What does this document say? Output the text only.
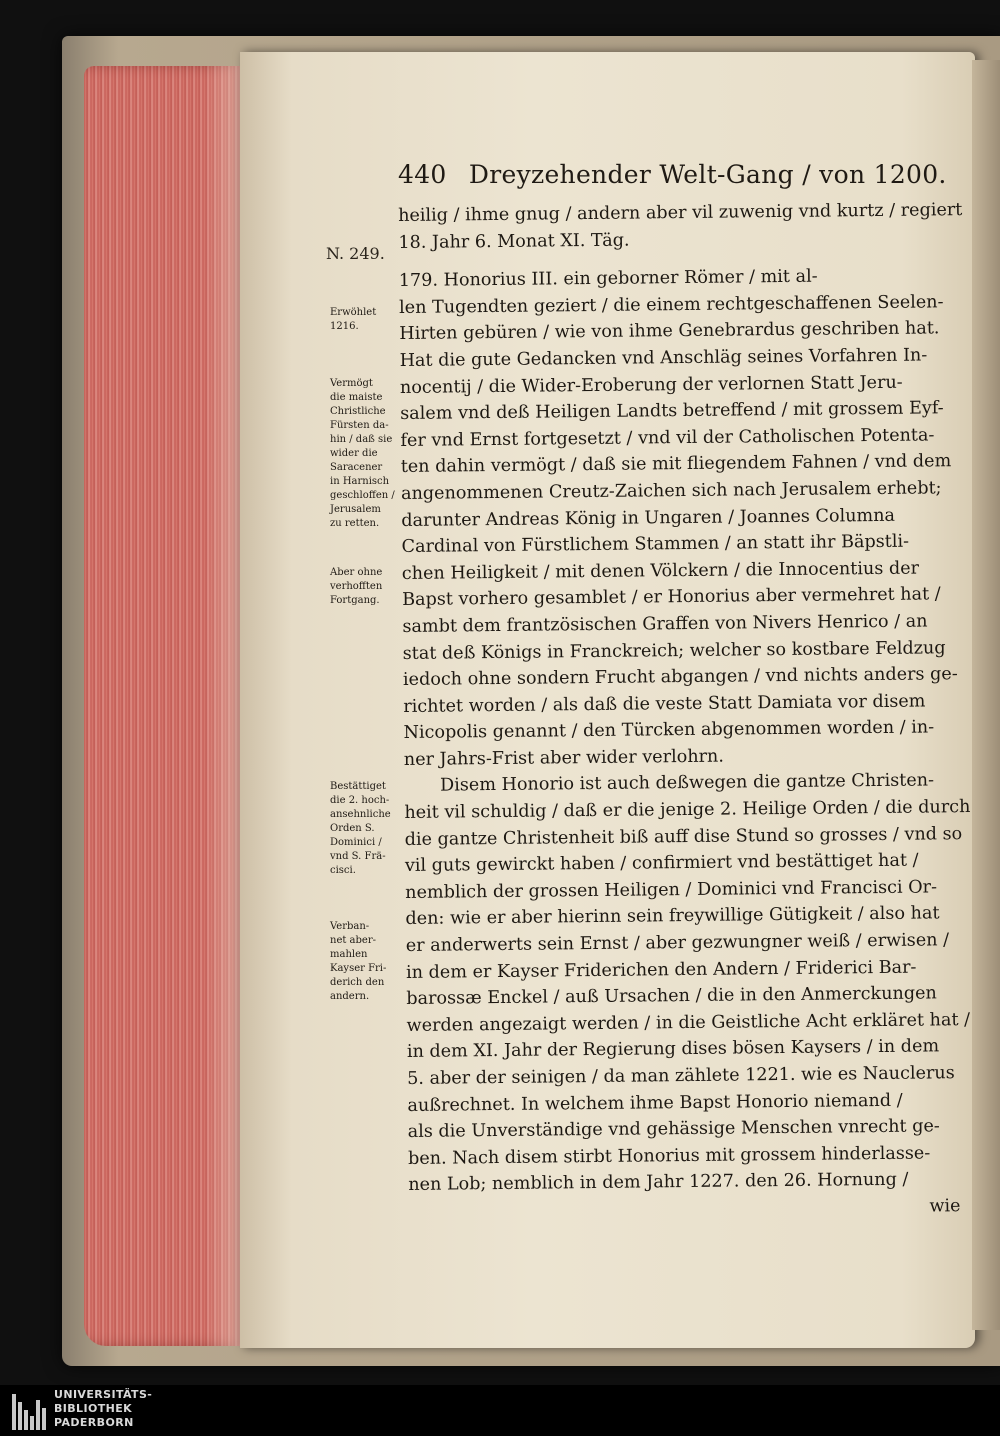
440 Dreyzehender Welt-Gang / von 1200.
N. 249.
Erwöhlet
1216.
Vermögt
die maiste
Christliche
Fürsten da-
hin / daß sie
wider die
Saracener
in Harnisch
geschloffen /
Jerusalem
zu retten.
Aber ohne
verhofften
Fortgang.
Bestättiget
die 2. hoch-
ansehnliche
Orden S.
Dominici /
vnd S. Frä-
cisci.
Verban-
net aber-
mahlen
Kayser Fri-
derich den
andern.
heilig / ihme gnug / andern aber vil zuwenig vnd kurtz / regiert
18. Jahr 6. Monat XI. Täg.
179. Honorius III. ein geborner Römer / mit al-
len Tugendten geziert / die einem rechtgeschaffenen Seelen-
Hirten gebüren / wie von ihme Genebrardus geschriben hat.
Hat die gute Gedancken vnd Anschläg seines Vorfahren In-
nocentij / die Wider-Eroberung der verlornen Statt Jeru-
salem vnd deß Heiligen Landts betreffend / mit grossem Eyf-
fer vnd Ernst fortgesetzt / vnd vil der Catholischen Potenta-
ten dahin vermögt / daß sie mit fliegendem Fahnen / vnd dem
angenommenen Creutz-Zaichen sich nach Jerusalem erhebt;
darunter Andreas König in Ungaren / Joannes Columna
Cardinal von Fürstlichem Stammen / an statt ihr Bäpstli-
chen Heiligkeit / mit denen Völckern / die Innocentius der
Bapst vorhero gesamblet / er Honorius aber vermehret hat /
sambt dem frantzösischen Graffen von Nivers Henrico / an
stat deß Königs in Franckreich; welcher so kostbare Feldzug
iedoch ohne sondern Frucht abgangen / vnd nichts anders ge-
richtet worden / als daß die veste Statt Damiata vor disem
Nicopolis genannt / den Türcken abgenommen worden / in-
ner Jahrs-Frist aber wider verlohrn.
Disem Honorio ist auch deßwegen die gantze Christen-
heit vil schuldig / daß er die jenige 2. Heilige Orden / die durch
die gantze Christenheit biß auff dise Stund so grosses / vnd so
vil guts gewirckt haben / confirmiert vnd bestättiget hat /
nemblich der grossen Heiligen / Dominici vnd Francisci Or-
den: wie er aber hierinn sein freywillige Gütigkeit / also hat
er anderwerts sein Ernst / aber gezwungner weiß / erwisen /
in dem er Kayser Friderichen den Andern / Friderici Bar-
barossæ Enckel / auß Ursachen / die in den Anmerckungen
werden angezaigt werden / in die Geistliche Acht erkläret hat /
in dem XI. Jahr der Regierung dises bösen Kaysers / in dem
5. aber der seinigen / da man zählete 1221. wie es Nauclerus
außrechnet. In welchem ihme Bapst Honorio niemand /
als die Unverständige vnd gehässige Menschen vnrecht ge-
ben. Nach disem stirbt Honorius mit grossem hinderlasse-
nen Lob; nemblich in dem Jahr 1227. den 26. Hornung /
wie
UNIVERSITÄTS-
BIBLIOTHEK
PADERBORN
